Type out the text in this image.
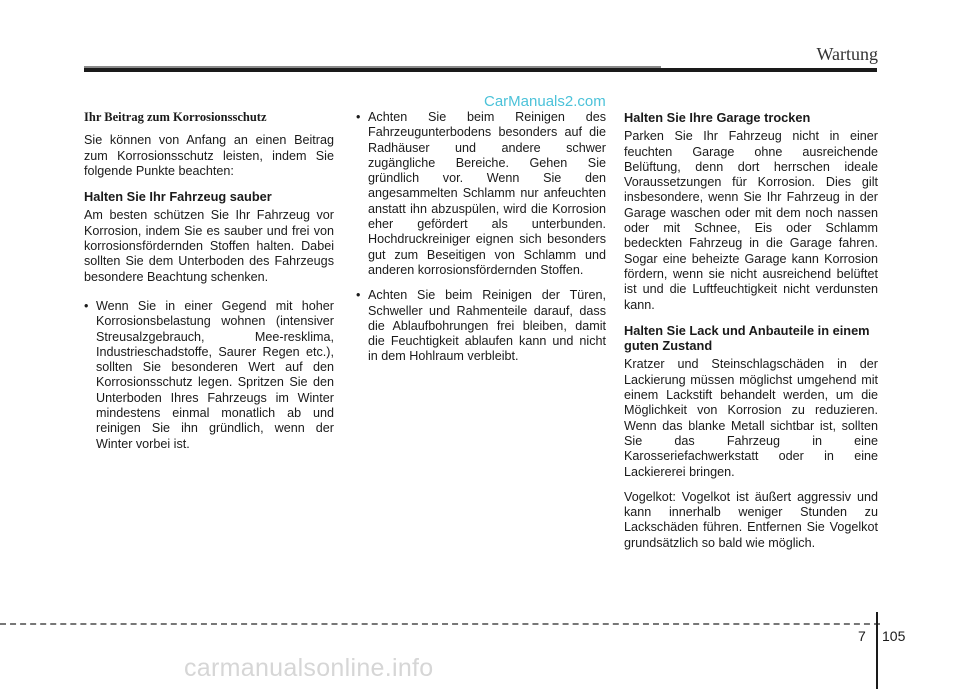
Wartung
CarManuals2.com
Ihr Beitrag zum Korrosionsschutz

Sie können von Anfang an einen Beitrag zum Korrosionsschutz leisten, indem Sie folgende Punkte beachten:

Halten Sie Ihr Fahrzeug sauber

Am besten schützen Sie Ihr Fahrzeug vor Korrosion, indem Sie es sauber und frei von korrosionsfördernden Stoffen halten. Dabei sollten Sie dem Unterboden des Fahrzeugs besondere Beachtung schenken.

• Wenn Sie in einer Gegend mit hoher Korrosionsbelastung wohnen (intensiver Streusalzgebrauch, Mee-resklima, Industrieschadstoffe, Saurer Regen etc.), sollten Sie besonderen Wert auf den Korrosionsschutz legen. Spritzen Sie den Unterboden Ihres Fahrzeugs im Winter mindestens einmal monatlich ab und reinigen Sie ihn gründlich, wenn der Winter vorbei ist.
• Achten Sie beim Reinigen des Fahrzeugunterbodens besonders auf die Radhäuser und andere schwer zugängliche Bereiche. Gehen Sie gründlich vor. Wenn Sie den angesammelten Schlamm nur anfeuchten anstatt ihn abzuspülen, wird die Korrosion eher gefördert als unterbunden. Hochdruckreiniger eignen sich besonders gut zum Beseitigen von Schlamm und anderen korrosionsfördernden Stoffen.
• Achten Sie beim Reinigen der Türen, Schweller und Rahmenteile darauf, dass die Ablaufbohrungen frei bleiben, damit die Feuchtigkeit ablaufen kann und nicht in dem Hohlraum verbleibt.
Halten Sie Ihre Garage trocken

Parken Sie Ihr Fahrzeug nicht in einer feuchten Garage ohne ausreichende Belüftung, denn dort herrschen ideale Voraussetzungen für Korrosion. Dies gilt insbesondere, wenn Sie Ihr Fahrzeug in der Garage waschen oder mit dem noch nassen oder mit Schnee, Eis oder Schlamm bedeckten Fahrzeug in die Garage fahren. Sogar eine beheizte Garage kann Korrosion fördern, wenn sie nicht ausreichend belüftet ist und die Luftfeuchtigkeit nicht verdunsten kann.

Halten Sie Lack und Anbauteile in einem guten Zustand

Kratzer und Steinschlagschäden in der Lackierung müssen möglichst umgehend mit einem Lackstift behandelt werden, um die Möglichkeit von Korrosion zu reduzieren. Wenn das blanke Metall sichtbar ist, sollten Sie das Fahrzeug in eine Karosseriefachwerkstatt oder in eine Lackiererei bringen.

Vogelkot: Vogelkot ist äußert aggressiv und kann innerhalb weniger Stunden zu Lackschäden führen. Entfernen Sie Vogelkot grundsätzlich so bald wie möglich.

7 105
carmanualsonline.info
